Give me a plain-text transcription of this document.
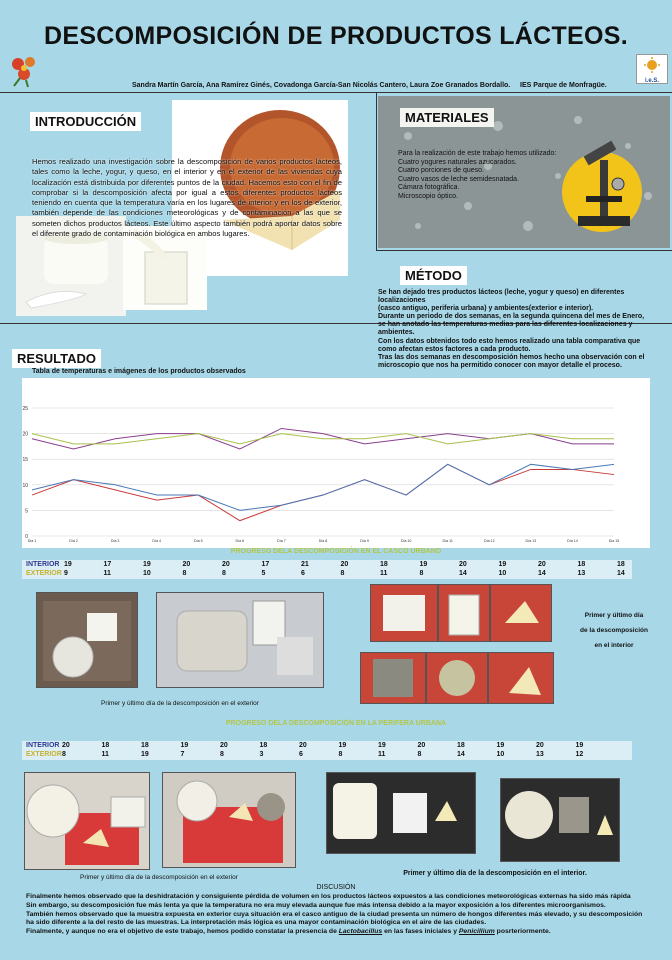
DESCOMPOSICIÓN DE PRODUCTOS LÁCTEOS.
i.e.S.
Sandra Martín García, Ana Ramírez Ginés, Covadonga García-San Nicolás Cantero, Laura Zoe Granados Bordallo. IES Parque de Monfragüe.
INTRODUCCIÓN
Hemos realizado una investigación sobre la descomposición de varios productos lácteos, tales como la leche, yogur, y queso, en el interior y en el exterior de las viviendas cuya localización está distribuida por diferentes puntos de la ciudad. Hacemos esto con el fin de comprobar si la descomposición afecta por igual a estos diferentes productos lácteos teniendo en cuenta que la temperatura varía en los lugares de interior y en los de exterior, también depende de las condiciones meteorológicas y de contaminación a las que se someten dichos productos lácteos. Este último aspecto también podrá aportar datos sobre el diferente grado de contaminación biológica en ambos lugares.
MATERIALES
Para la realización de este trabajo hemos utilizado:
Cuatro yogures naturales azucarados.
Cuatro porciones de queso.
Cuatro vasos de leche semidesnatada.
Cámara fotográfica.
Microscopio óptico.
MÉTODO
Se han dejado tres productos lácteos (leche, yogur y queso) en diferentes localizaciones
(casco antiguo, periferia urbana) y ambientes(exterior e interior).
Durante un periodo de dos semanas, en la segunda quincena del mes de Enero,
se han anotado las temperaturas medias para las diferentes localizaciones y ambientes.
Con los datos obtenidos todo esto hemos realizado una tabla comparativa que
como afectan estos factores a cada producto.
Tras las dos semanas en descomposición hemos hecho una observación con el
microscopio que nos ha permitido conocer con mayor detalle el proceso.
RESULTADO
Tabla de temperaturas e imágenes de los productos observados
0
5
10
15
20
25
Día 1	Día 2	Día 3	Día 4	Día 5	Día 6	Día 7	Día 8	Día 9	Día 10	Día 11	Día 12	Día 13	Día 14	Día 15
PROGRESO DELA DESCOMPOSICIÓN EN EL CASCO URBANO
INTERIOR 19	17	19	20	20	17	21	20	18	19	20	19	20	18	18
EXTERIOR 9	11	10	8	8	5	6	8	11	8	14	10	14	13	14
Primer y último día de la descomposición en el exterior
Primer y último día
de la descomposición
en el interior
PROGRESO DELA DESCOMPOSICIÓN EN LA PERIFERA URBANA
INTERIOR 20	18	18	19	20	18	20	19	19	20	18	19	20	19
EXTERIOR 8	11	19	7	8	3	6	8	11	8	14	10	13	12
Primer y último día de la descomposición en el exterior
Primer y último día de la descomposición en el interior.
DISCUSIÓN
Finalmente hemos observado que la deshidratación y consiguiente pérdida de volumen en los productos lácteos expuestos a las condiciones meteorológicas externas ha sido más rápida
Sin embargo, su descomposición fue más lenta ya que la temperatura no era muy elevada aunque fue más intensa debido a la mayor exposición a los diferentes microorganismos.
También hemos observado que la muestra expuesta en exterior cuya situación era el casco antiguo de la ciudad presenta un número de hongos diferentes más elevado, y su descomposición
ha sido diferente a la del resto de las muestras. La interpretación más lógica es una mayor contaminación biológica en el aire de las ciudades.
Finalmente, y aunque no era el objetivo de este trabajo, hemos podido constatar la presencia de Lactobacillus en las fases iniciales y Penicillium posrteriormente.
